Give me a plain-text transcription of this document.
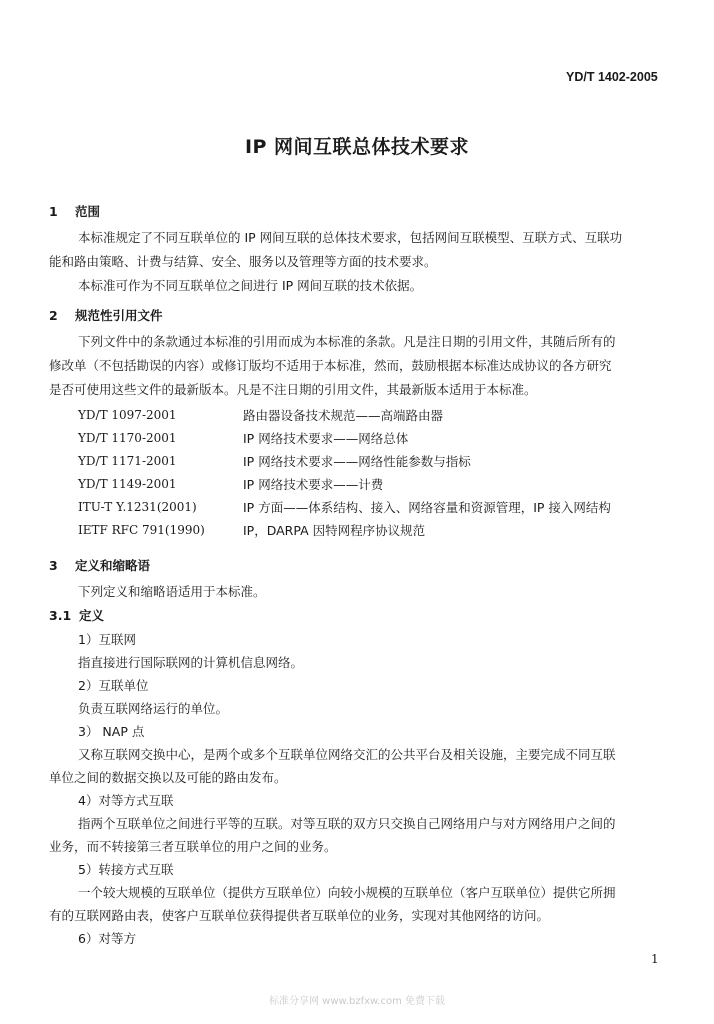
YD/T 1402-2005
IP 网间互联总体技术要求
1 范围
本标准规定了不同互联单位的 IP 网间互联的总体技术要求，包括网间互联模型、互联方式、互联功
能和路由策略、计费与结算、安全、服务以及管理等方面的技术要求。
本标准可作为不同互联单位之间进行 IP 网间互联的技术依据。
2 规范性引用文件
下列文件中的条款通过本标准的引用而成为本标准的条款。凡是注日期的引用文件，其随后所有的
修改单（不包括勘误的内容）或修订版均不适用于本标准，然而，鼓励根据本标准达成协议的各方研究
是否可使用这些文件的最新版本。凡是不注日期的引用文件，其最新版本适用于本标准。
YD/T 1097-2001	路由器设备技术规范——高端路由器
YD/T 1170-2001	IP 网络技术要求——网络总体
YD/T 1171-2001	IP 网络技术要求——网络性能参数与指标
YD/T 1149-2001	IP 网络技术要求——计费
ITU-T Y.1231(2001)	IP 方面——体系结构、接入、网络容量和资源管理，IP 接入网结构
IETF RFC 791(1990)	IP，DARPA 因特网程序协议规范
3 定义和缩略语
下列定义和缩略语适用于本标准。
3.1 定义
1）互联网
指直接进行国际联网的计算机信息网络。
2）互联单位
负责互联网络运行的单位。
3） NAP 点
又称互联网交换中心，是两个或多个互联单位网络交汇的公共平台及相关设施，主要完成不同互联
单位之间的数据交换以及可能的路由发布。
4）对等方式互联
指两个互联单位之间进行平等的互联。对等互联的双方只交换自己网络用户与对方网络用户之间的
业务，而不转接第三者互联单位的用户之间的业务。
5）转接方式互联
一个较大规模的互联单位（提供方互联单位）向较小规模的互联单位（客户互联单位）提供它所拥
有的互联网路由表，使客户互联单位获得提供者互联单位的业务，实现对其他网络的访问。
6）对等方
1
标准分享网 www.bzfxw.com 免费下载
